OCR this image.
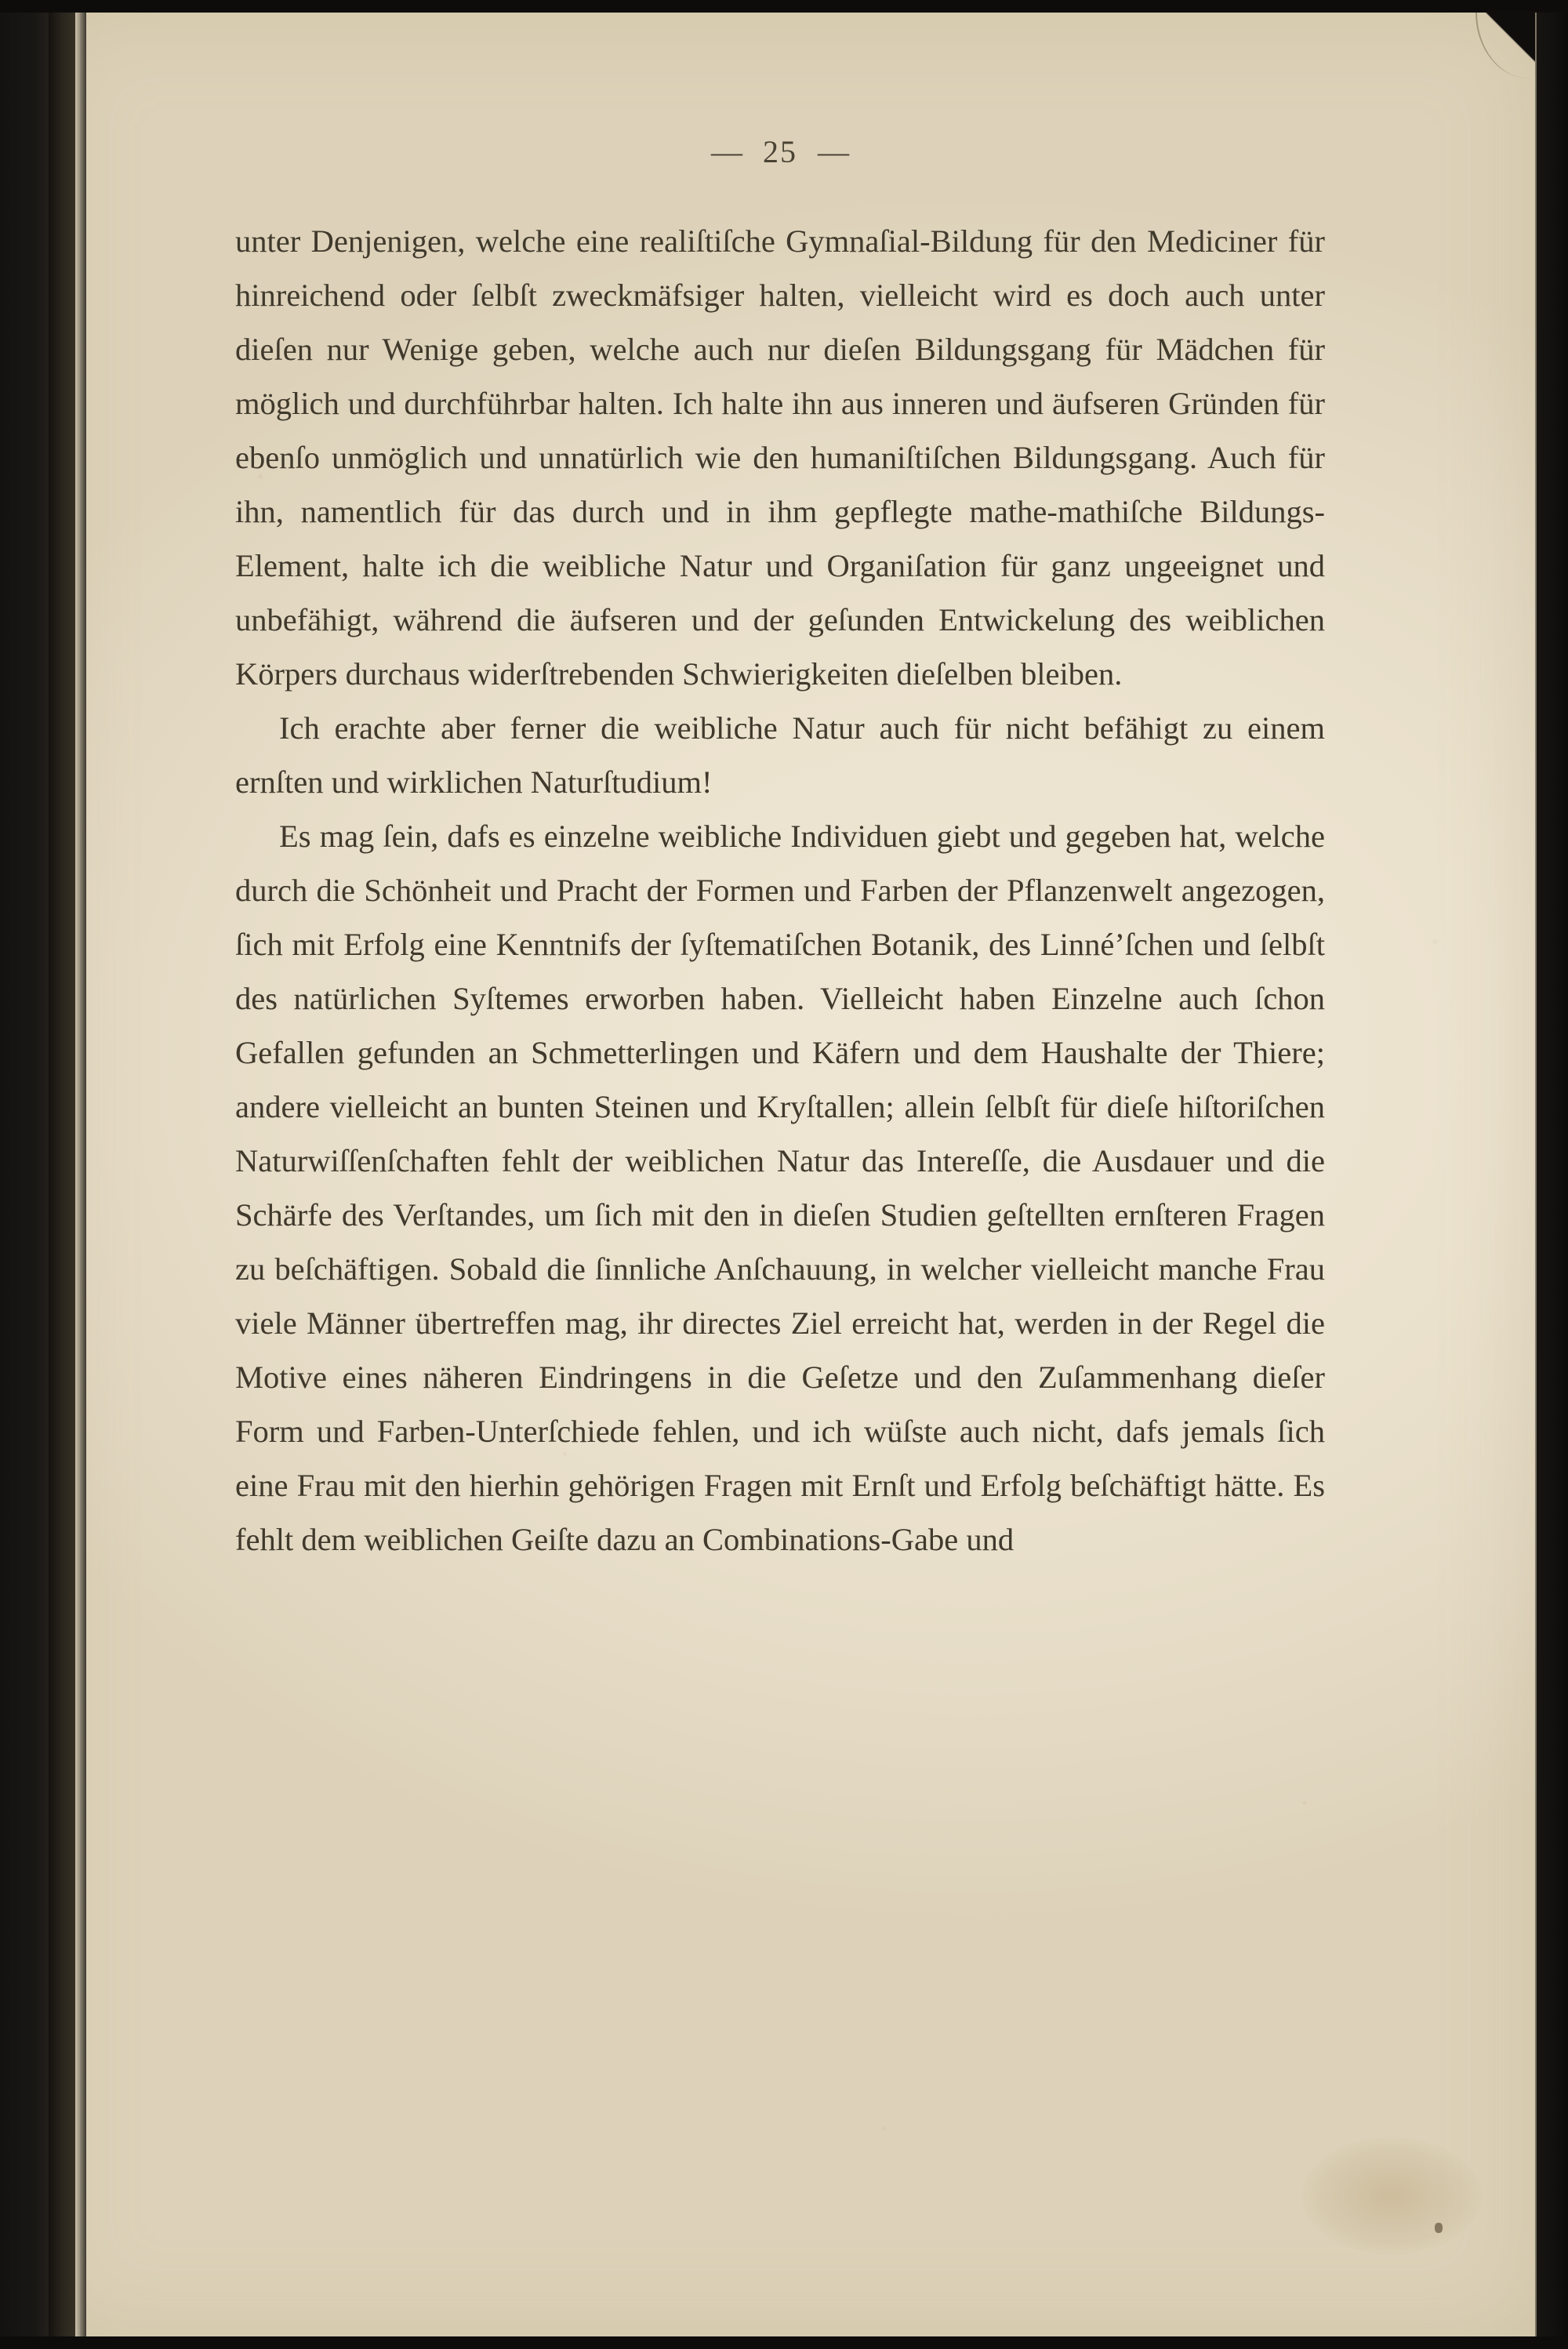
— 25 —

unter Denjenigen, welche eine realiſtiſche Gymnaſial-Bildung für den Mediciner für hinreichend oder ſelbſt zweckmäfsiger halten, vielleicht wird es doch auch unter dieſen nur Wenige geben, welche auch nur dieſen Bildungsgang für Mädchen für möglich und durchführbar halten. Ich halte ihn aus inneren und äufseren Gründen für ebenſo unmöglich und unnatürlich wie den humaniſtiſchen Bildungsgang. Auch für ihn, namentlich für das durch und in ihm gepflegte mathe-mathiſche Bildungs-Element, halte ich die weibliche Natur und Organiſation für ganz ungeeignet und unbefähigt, während die äufseren und der geſunden Entwickelung des weiblichen Körpers durchaus widerſtrebenden Schwierigkeiten dieſelben bleiben.

Ich erachte aber ferner die weibliche Natur auch für nicht befähigt zu einem ernſten und wirklichen Naturſtudium!

Es mag ſein, dafs es einzelne weibliche Individuen giebt und gegeben hat, welche durch die Schönheit und Pracht der Formen und Farben der Pflanzenwelt angezogen, ſich mit Erfolg eine Kenntnifs der ſyſtematiſchen Botanik, des Linné’ſchen und ſelbſt des natürlichen Syſtemes erworben haben. Vielleicht haben Einzelne auch ſchon Gefallen gefunden an Schmetterlingen und Käfern und dem Haushalte der Thiere; andere vielleicht an bunten Steinen und Kryſtallen; allein ſelbſt für dieſe hiſtoriſchen Naturwiſſenſchaften fehlt der weiblichen Natur das Intereſſe, die Ausdauer und die Schärfe des Verſtandes, um ſich mit den in dieſen Studien geſtellten ernſteren Fragen zu beſchäftigen. Sobald die ſinnliche Anſchauung, in welcher vielleicht manche Frau viele Männer übertreffen mag, ihr directes Ziel erreicht hat, werden in der Regel die Motive eines näheren Eindringens in die Geſetze und den Zuſammenhang dieſer Form und Farben-Unterſchiede fehlen, und ich wüſste auch nicht, dafs jemals ſich eine Frau mit den hierhin gehörigen Fragen mit Ernſt und Erfolg beſchäftigt hätte. Es fehlt dem weiblichen Geiſte dazu an Combinations-Gabe und
